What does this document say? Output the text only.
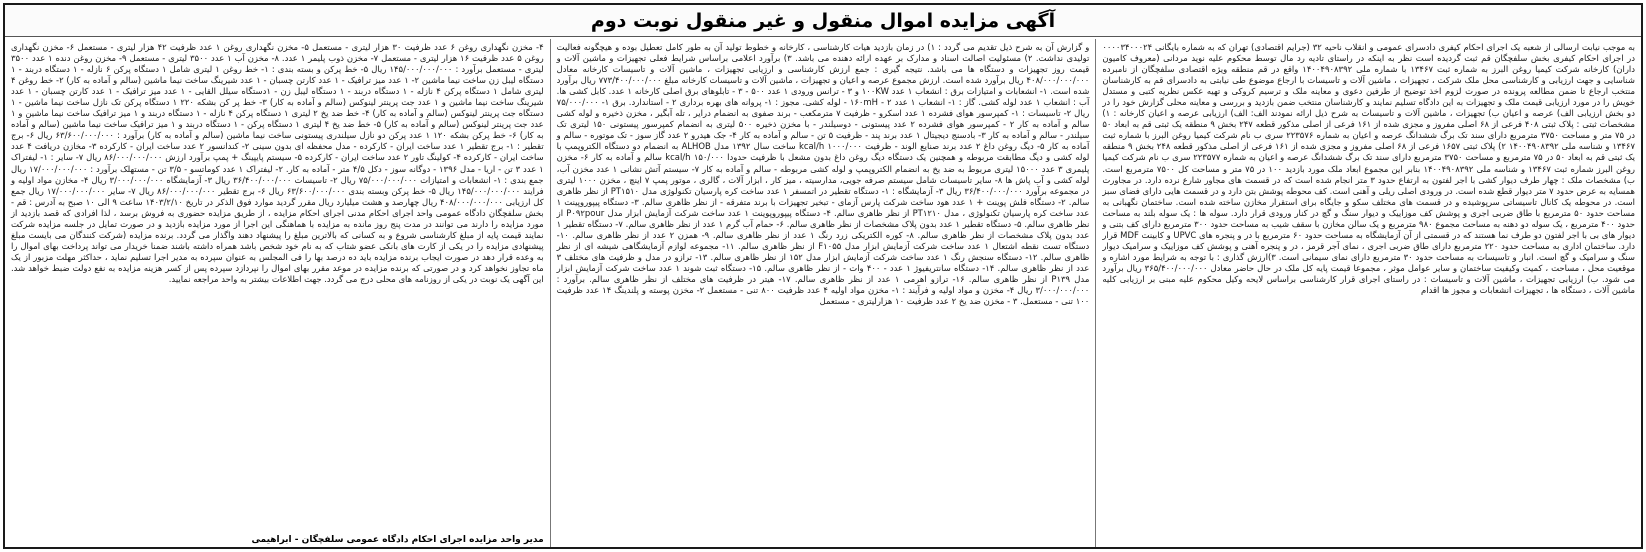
آگهی مزایده اموال منقول و غیر منقول نوبت دوم

به موجب نیابت ارسالی از شعبه یک اجرای احکام کیفری دادسرای عمومی و انقلاب ناحیه ۳۲ (جرایم اقتصادی) تهران که به شماره بایگانی ۰۰۰۰۳۴۰۰۰۲۴ در اجرای احکام کیفری بخش سلفچگان قم ثبت گردیده است نظر به اینکه در راستای تادیه رد مال توسط محکوم علیه نوید مردانی (معروف کامیون داران) کارخانه شرکت کیمیا روغن البرز به شماره ثبت ۱۳۴۶۷ با شماره ملی ۱۴۰۰۴۹۰۸۳۹۲ واقع در قم منطقه ویژه اقتصادی سلفچگان از نامبرده شناسایی و جهت ارزیابی و کارشناسی محل ملک شرکت ، تجهیزات ، ماشین آلات و تاسیسات با ارجاع موضوع طی نیابتی به دادسرای قم به کارشناسان منتخب ارجاع تا ضمن مطالعه پرونده در صورت لزوم اخذ توضیح از طرفین دعوی و معاینه ملک و ترسیم کروکی و تهیه عکس نظریه کتبی و مستدل خویش را در مورد ارزیابی قیمت ملک و تجهیزات به این دادگاه تسلیم نمایند و کارشناسان منتخب ضمن بازدید و بررسی و معاینه محلی گزارش خود را در دو بخش ارزیابی الف) عرصه و اعیان ب) تجهیزات ، ماشین آلات و تاسیسات به شرح ذیل ارائه نمودند الف: الف) ارزیابی عرصه و اعیان کارخانه : ۱) مشخصات ثبتی : پلاک ثبتی ۴۰۸ فرعی از ۶۸ اصلی مفروز و مجزی شده از ۱۶۱ فرعی از اصلی مذکور قطعه ۲۴۷ بخش ۹ منطقه یک ثبتی قم به ابعاد ۵۰ در ۷۵ متر و مساحت ۳۷۵۰ مترمربع دارای سند تک برگ ششدانگ عرصه و اعیان به شماره ۲۲۳۵۷۶ سری ب نام شرکت کیمیا روغن البرز با شماره ثبت ۱۳۴۶۷ و شناسه ملی ۱۴۰۰۴۹۰۸۳۹۲ ۲) پلاک ثبتی ۱۶۵۷ فرعی از ۶۸ اصلی مفروز و مجزی شده از ۱۶۱ فرعی از اصلی مذکور قطعه ۲۴۸ بخش ۹ منطقه یک ثبتی قم به ابعاد ۵۰ در ۷۵ مترمربع و مساحت ۳۷۵۰ مترمربع دارای سند تک برگ ششدانگ عرصه و اعیان به شماره ۲۲۳۵۷۷ سری ب نام شرکت کیمیا روغن البرز شماره ثبت ۱۳۴۶۷ و شناسه ملی ۱۴۰۰۴۹۰۸۳۹۲ بنابر این مجموع ابعاد ملک مورد بازدید ۱۰۰ در ۷۵ متر و مساحت کل ۷۵۰۰ مترمربع است. ب) مشخصات ملک : چهار طرف دیوار کشی با اجر لفتون به ارتفاع حدود ۳ متر انجام شده است که در قسمت های مجاور شارع نرده دارد. در مجاورت همسایه به عرض حدود ۷ متر دیوار قطع شده است. در ورودی اصلی ریلی و آهنی است. کف محوطه پوشش بتن دارد و در قسمت هایی دارای فضای سبز است. در محوطه یک کانال تاسیساتی سرپوشیده و در قسمت های مختلف سکو و جایگاه برای استقرار مخازن ساخته شده است. ساختمان نگهبانی به مساحت حدود ۵۰ مترمربع با طاق ضربی اجری و پوشش کف موزاییک و دیوار سنگ و گچ در کنار ورودی قرار دارد. سوله ها : یک سوله بلند به مساحت حدود ۴۰۰ مترمربع ، یک سوله دو دهنه به مساحت مجموع ۹۸۰ مترمربع و یک سالن مخازن با سقف شیب به مساحت حدود ۳۰۰ مترمربع دارای کف بتنی و دیوار های بی با اجر لفتون دو طرف نما هستند که در قسمتی از آن آزمایشگاه به مساحت حدود ۶۰ مترمربع با در و پنجره های UPVC و کابینت MDF قرار دارد. ساختمان اداری به مساحت حدود ۲۲۰ مترمربع دارای طاق ضربی اجری ، نمای آجر قرمز ، در و پنجره آهنی و پوشش کف موزاییک و سرامیک دیوار سنگ و سرامیک و گچ است. انبار و تاسیسات به مساحت حدود ۳۰ مترمربع دارای نمای سیمانی است. ۳)ارزش گذاری : با توجه به شرایط مورد اشاره و موقعیت محل ، مساحت ، کمیت وکیفیت ساختمان و سایر عوامل موثر ، مجموعا قیمت پایه کل ملک در حال حاضر معادل ۳۶۵/۴۰۰/۰۰۰/۰۰۰ ریال برآورد می شود. ب) ارزیابی تجهیزات ، ماشین آلات و تاسیسات : در راستای اجرای قرار کارشناسی براساس لایحه وکیل محکوم علیه مبنی بر ارزیابی کلیه ماشین آلات ، دستگاه ها ، تجهیزات انشعابات و مجوز ها اقدام

و گزارش آن به شرح ذیل تقدیم می گردد : ۱) در زمان بازدید هیات کارشناسی ، کارخانه و خطوط تولید آن به طور کامل تعطیل بوده و هیچگونه فعالیت تولیدی نداشت. ۲) مسئولیت اصالت اسناد و مدارک بر عهده ارائه دهنده می باشد. ۳) برآورد اعلامی براساس شرایط فعلی تجهیزات و ماشین آلات و قیمت روز تجهیزات و دستگاه ها می باشد. نتیجه گیری : جمع ارزش کارشناسی و ارزیابی تجهیزات ، ماشین آلات و تاسیسات کارخانه معادل ۴۰۸/۰۰۰/۰۰۰/۰۰۰ ریال برآورد شده است. ارزش مجموع عرصه و اعیان و تجهیزات ، ماشین آلات و تاسیسات کارخانه مبلغ ۷۷۳/۴۰۰/۰۰۰/۰۰۰ ریال برآورد شده است. ۱- انشعابات و امتیازات برق : انشعاب ۱ عدد ۱۰۰KW و ۳ - ترانس ورودی ۱ عدد ۵۰۰ - ۳ - تابلوهای برق اصلی کارخانه ۱ عدد. کابل کشی ها. آب : انشعاب ۱ عدد لوله کشی. گاز : ۱- انشعاب ۱ عدد ۱۶۰mH - ۲ - لوله کشی. مجوز : ۱- پروانه های بهره برداری ۲ - استاندارد. برق ۱- ۷۵/۰۰۰/۰۰۰ ریال ۲- تاسیسات : ۱- کمپرسور هوای فشرده ۱ عدد اسکرو - ظرفیت ۷ مترمکعب - برند صفوی به انضمام درایر ، تله آبگیر ، مخزن ذخیره و لوله کشی سالم و آماده به کار ۲ - کمپرسور هوای فشرده ۲ عدد پیستونی - دوسیلندر - با مخزن ذخیره ۵۰۰ لیتری به انضمام کمپرسور پیستونی ۱۵۰ لیتری تک سیلندر - سالم و آماده به کار ۳- بادسنج دیجیتال ۱ عدد برند پند - ظرفیت ۵ تن - سالم و آماده به کار ۴- جک هیدرو ۲ عدد گاز سوز - تک موتوره - سالم و آماده به کار ۵- دیگ روغن داغ ۲ عدد برند صنایع الوند - ظرفیت ۱۰۰۰/۰۰۰ kcal/h ساخت سال ۱۳۹۲ مدل ALHOB به انضمام دو دستگاه الکتروپمپ با لوله کشی و دیگ مطابقت مربوطه و همچنین یک دستگاه دیگ روغن داغ بدون مشعل با ظرفیت حدودا ۱۵۰/۰۰۰ kcal/h سالم و آماده به کار ۶- مخزن پلیمری ۳ عدد ۱۵۰۰۰ لیتری مربوط به ضد یخ به انضمام الکتروپمپ و لوله کشی مربوطه - سالم و آماده به کار ۷- سیستم آتش نشانی ۱ عدد مخزن آب، لوله کشی و آب پاش ها ۸- سایر تاسیسات شامل سیستم صرفه جویی، مدارسیته ، میز کار ، ابزار آلات ، گالری ، موتور پمپ ۷ اینچ ، مخزن ۱۰۰۰ لیتری در مجموعه برآورد ۳۶/۴۰۰/۰۰۰/۰۰۰ ریال ۳- آزمایشگاه : ۱- دستگاه تقطیر در اتمسفر ۱ عدد ساخت کره پارسیان تکنولوژی مدل PT۱۵۱۰ از نظر ظاهری سالم. ۲- دستگاه فلش پوینت + ۱ عدد هود ساخت شرکت پارس آزمای - تبخیر تجهیزات با برند متفرقه - از نظر ظاهری سالم. ۳- دستگاه پیپوروپینت ۱ عدد ساخت کره پارسیان تکنولوژی ، مدل PT۱۲۱۰ از نظر ظاهری سالم. ۴- دستگاه پیپوروپوینت ۱ عدد ساخت شرکت آزمایش ابزار مدل P۰۹۲pour از نظر ظاهری سالم. ۵- دستگاه تقطیر ۱ عدد بدون پلاک مشخصات از نظر ظاهری سالم. ۶- حمام آب گرم ۱ عدد از نظر ظاهری سالم. ۷- دستگاه تقطیر ۱ عدد بدون پلاک مشخصات از نظر ظاهری سالم. ۸- کوره الکتریکی زرد رنگ ۱ عدد از نظر ظاهری سالم. ۹- همزن ۲ عدد از نظر ظاهری سالم. ۱۰- دستگاه تست نقطه اشتعال ۱ عدد ساخت شرکت آزمایش ابزار مدل F۱۰۵۵ از نظر ظاهری سالم. ۱۱- مجموعه لوازم آزمایشگاهی شیشه ای از نظر ظاهری سالم. ۱۲- دستگاه سنجش رنگ ۱ عدد ساخت شرکت آزمایش ابزار مدل ۱۵۲ از نظر ظاهری سالم. ۱۳- ترازو در مدل و ظرفیت های مختلف ۳ عدد از نظر ظاهری سالم. ۱۴- دستگاه سانتریفیوژ ۱ عدد - ۴۰۰ وات - از نظر ظاهری سالم. ۱۵- دستگاه ثبت شوند ۱ عدد ساخت شرکت آزمایش ابزار مدل P۱۳۹ از نظر ظاهری سالم. ۱۶- ترازو اهرمی ۱ عدد از نظر ظاهری سالم. ۱۷- هیتر در ظرفیت های مختلف از نظر ظاهری سالم. برآورد : ۳/۰۰۰/۰۰۰/۰۰۰ ریال ۴- مخزن و مواد اولیه و فرآیند : ۱- مخزن مواد اولیه ۴ عدد ظرفیت ۸۰۰ تنی - مستعمل ۲- مخزن پوسته و پلندینگ ۱۴ عدد ظرفیت ۱۰۰ تنی - مستعمل. ۳ - مخزن ضد یخ ۲ عدد ظرفیت ۱۰ هزارلیتری - مستعمل

۴- مخزن نگهداری روغن ۶ عدد ظرفیت ۳۰ هزار لیتری - مستعمل ۵- مخزن نگهداری روغن ۱ عدد ظرفیت ۴۲ هزار لیتری - مستعمل ۶- مخزن نگهداری روغن ۵ عدد ظرفیت ۱۶ هزار لیتری - مستعمل ۷- مخزن ذوب پلیمر ۱ عدد. ۸- مخزن آب ۱ عدد ۳۵۰۰ لیتری - مستعمل ۹- مخزن روغن دنده ۱ عدد ۳۵۰۰ لیتری - مستعمل برآورد : ۱۴۵/۰۰۰/۰۰۰/۰۰۰ ریال ۵- خط پرکن و بسته بندی : ۱- خط روغن ۱ لیتری شامل ۱ دستگاه پرکن ۶ نازله - ۱ دستگاه دربند - ۱ دستگاه لیبل زن ساخت نیما ماشین ۲- ۱ عدد میز ترافیک - ۱ عدد کارتن چسبان - ۱ عدد شیرینگ ساخت نیما ماشین (سالم و آماده به کار) ۲- خط روغن ۴ لیتری شامل ۱ دستگاه پرکن ۴ نازله - ۱ دستگاه دربند - ۱ دستگاه لیبل زن - ۱دستگاه سیلل القایی - ۱ عدد میز ترافیک - ۱ عدد کارتن چسبان - ۱ عدد شیرینگ ساخت نیما ماشین و ۱ عدد جت پرینتر لینوکس (سالم و آماده به کار) ۳- خط پر کن بشکه ۲۲۰ ۱ دستگاه پرکن تک نازل ساخت نیما ماشین - ۱ دستگاه جت پرینتر لینوکس (سالم و آماده به کار) ۴- خط ضد یخ ۲ لیتری ۱ دستگاه پرکن ۴ نازله - ۱ دستگاه دربند و ۱ میز ترافیک ساخت نیما ماشین و ۱ عدد جت پرینتر لینوکس (سالم و آماده به کار) ۵- خط ضد یخ ۴ لیتری ۱ دستگاه پرکن - ۱ دستگاه دربند و ۱ میز ترافیک ساخت نیما ماشین (سالم و آماده به کار) ۶- خط پرکن بشکه ۱۲۰ ۱ عدد پرکن دو نازل سیلندری پیستونی ساخت نیما ماشین (سالم و آماده به کار) برآورد : ۶۳/۶۰۰/۰۰۰/۰۰۰ ریال ۶- برج تقطیر : ۱- برج تقطیر ۱ عدد ساخت ایران - کارکرده - مدل محفظه ای بدون سینی ۲- کندانسور ۲ عدد ساخت ایران - کارکرده ۳- مخازن دریافت ۴ عدد ساخت ایران - کارکرده ۴- کولینگ تاور ۲ عدد ساخت ایران - کارکرده ۵- سیستم پایپینگ + پمپ برآورد ارزش ۸۶/۰۰۰/۰۰۰/۰۰۰ ریال ۷- سایر : ۱- لیفتراک ۱ عدد ۳ تن - اریا - مدل ۱۳۹۶ - دوگانه سوز - دکل ۴/۵ متر - آماده به کار. ۲- لیفتراک ۱ عدد کوماتسو - ۳/۵ تن - مستهلک برآورد : ۱۷/۰۰۰/۰۰۰/۰۰۰ ریال جمع بندی : ۱- انشعابات و امتیازات ۷۵/۰۰۰/۰۰۰/۰۰۰ ریال ۲- تاسیسات ۳۶/۴۰۰/۰۰۰/۰۰۰ ریال ۳- آزمایشگاه ۳/۰۰۰/۰۰۰/۰۰۰ ریال ۴- مخازن مواد اولیه و فرایند ۱۴۵/۰۰۰/۰۰۰/۰۰۰ ریال ۵- خط پرکن وبسته بندی ۶۳/۶۰۰/۰۰۰/۰۰۰ ریال ۶- برج تقطیر ۸۶/۰۰۰/۰۰۰/۰۰۰ ریال ۷- سایر ۱۷/۰۰۰/۰۰۰/۰۰۰ ریال جمع کل ارزیابی ۴۰۸/۰۰۰/۰۰۰/۰۰۰ ریال چهارصد و هشت میلیارد ریال مقرر گردید موارد فوق الذکر در تاریخ ۱۴۰۳/۲/۱۰ ساعت ۹ الی ۱۰ صبح به آدرس : قم - بخش سلفچگان دادگاه عمومی واحد اجرای احکام مدنی اجرای احکام مزایده ، از طریق مزایده حضوری به فروش برسد ، لذا افرادی که قصد بازدید از مورد مزایده را دارند می توانند در مدت پنج روز مانده به مزایده با هماهنگی این اجرا از مورد مزایده بازدید و در صورت تمایل در جلسه مزایده شرکت نمایند قیمت پایه از مبلغ کارشناسی شروع و به کسانی که بالاترین مبلغ را پیشنهاد دهند واگذار می گردد. برنده مزایده (شرکت کنندگان می بایست مبلغ پیشنهادی مزایده را در یکی از کارت های بانکی عضو شتاب که به نام خود شخص باشد همراه داشته باشند ضمنا خریدار می تواند پرداخت بهای اموال را به وعده قرار دهد در صورت ایجاب برنده مزایده باید ده درصد بها را فی المجلس به عنوان سپرده به مدیر اجرا تسلیم نماید ، حداکثر مهلت مزبور از یک ماه تجاوز نخواهد کرد و در صورتی که برنده مزایده در موعد مقرر بهای اموال را نپردازد سپرده پس از کسر هزینه مزایده به نفع دولت ضبط خواهد شد. این آگهی یک نوبت در یکی از روزنامه های محلی درج می گردد. جهت اطلاعات بیشتر به واحد مراجعه نمایید.

مدیر واحد مزایده اجرای احکام دادگاه عمومی سلفچگان - ابراهیمی
